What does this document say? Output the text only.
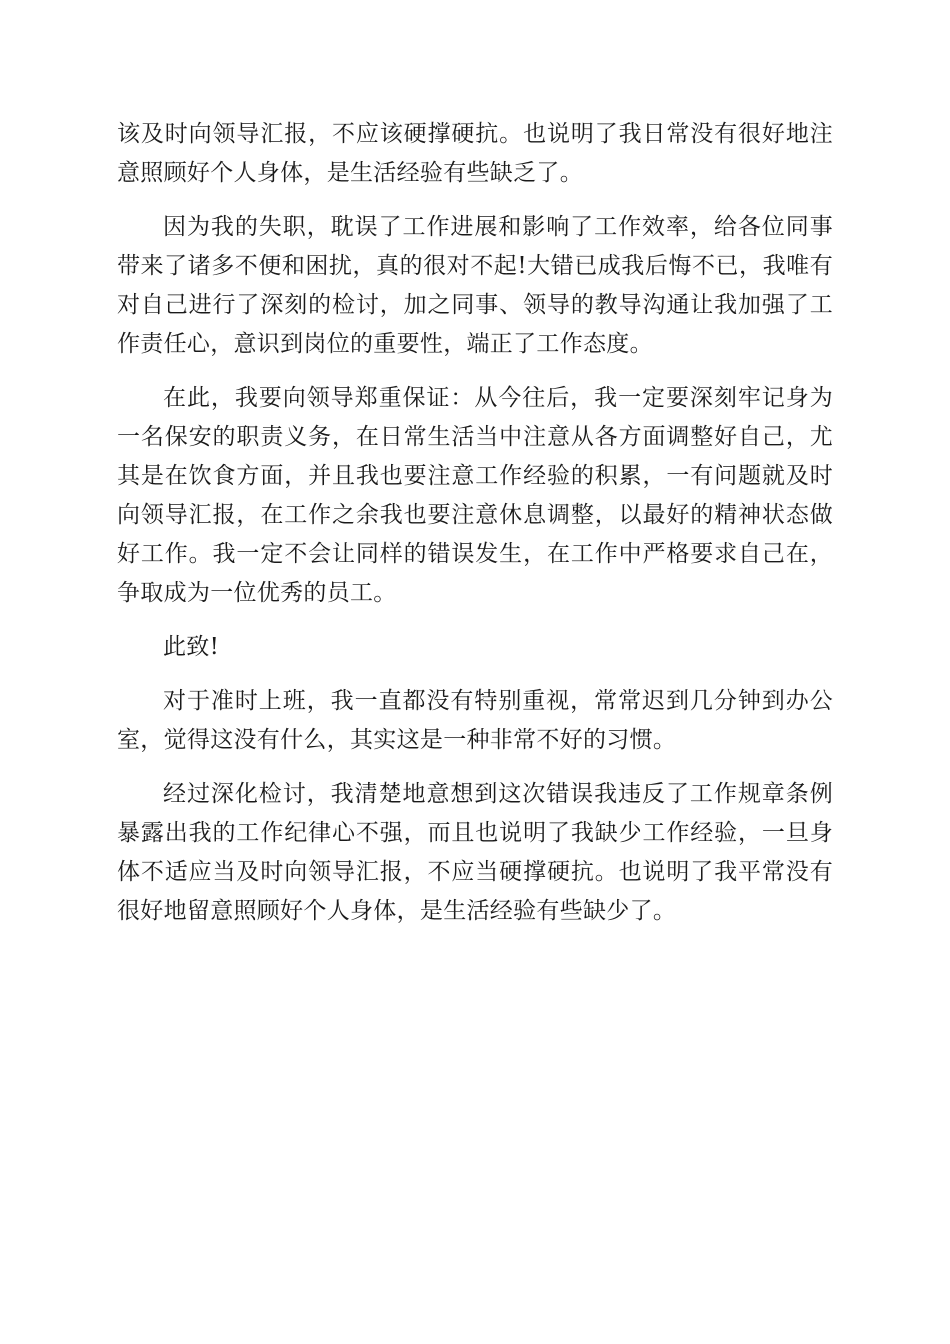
该及时向领导汇报，不应该硬撑硬抗。也说明了我日常没有很好地注意照顾好个人身体，是生活经验有些缺乏了。

因为我的失职，耽误了工作进展和影响了工作效率，给各位同事带来了诸多不便和困扰，真的很对不起!大错已成我后悔不已，我唯有对自己进行了深刻的检讨，加之同事、领导的教导沟通让我加强了工作责任心，意识到岗位的重要性，端正了工作态度。

在此，我要向领导郑重保证：从今往后，我一定要深刻牢记身为一名保安的职责义务，在日常生活当中注意从各方面调整好自己，尤其是在饮食方面，并且我也要注意工作经验的积累，一有问题就及时向领导汇报，在工作之余我也要注意休息调整，以最好的精神状态做好工作。我一定不会让同样的错误发生，在工作中严格要求自己在，争取成为一位优秀的员工。

此致!

对于准时上班，我一直都没有特别重视，常常迟到几分钟到办公室，觉得这没有什么，其实这是一种非常不好的习惯。

经过深化检讨，我清楚地意想到这次错误我违反了工作规章条例暴露出我的工作纪律心不强，而且也说明了我缺少工作经验，一旦身体不适应当及时向领导汇报，不应当硬撑硬抗。也说明了我平常没有很好地留意照顾好个人身体，是生活经验有些缺少了。
